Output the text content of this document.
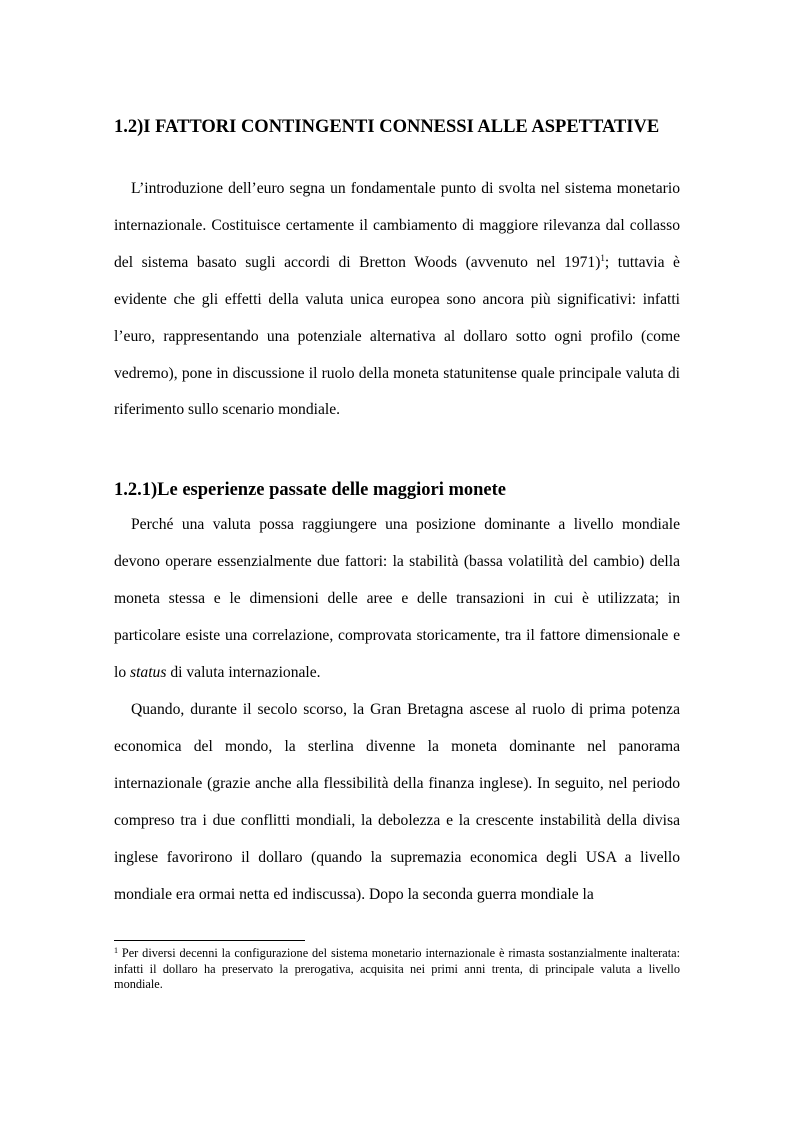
1.2)I FATTORI CONTINGENTI CONNESSI ALLE ASPETTATIVE

L’introduzione dell’euro segna un fondamentale punto di svolta nel sistema monetario internazionale. Costituisce certamente il cambiamento di maggiore rilevanza dal collasso del sistema basato sugli accordi di Bretton Woods (avvenuto nel 1971)$^1$; tuttavia è evidente che gli effetti della valuta unica europea sono ancora più significativi: infatti l’euro, rappresentando una potenziale alternativa al dollaro sotto ogni profilo (come vedremo), pone in discussione il ruolo della moneta statunitense quale principale valuta di riferimento sullo scenario mondiale.

1.2.1)Le esperienze passate delle maggiori monete

Perché una valuta possa raggiungere una posizione dominante a livello mondiale devono operare essenzialmente due fattori: la stabilità (bassa volatilità del cambio) della moneta stessa e le dimensioni delle aree e delle transazioni in cui è utilizzata; in particolare esiste una correlazione, comprovata storicamente, tra il fattore dimensionale e lo status di valuta internazionale.

Quando, durante il secolo scorso, la Gran Bretagna ascese al ruolo di prima potenza economica del mondo, la sterlina divenne la moneta dominante nel panorama internazionale (grazie anche alla flessibilità della finanza inglese). In seguito, nel periodo compreso tra i due conflitti mondiali, la debolezza e la crescente instabilità della divisa inglese favorirono il dollaro (quando la supremazia economica degli USA a livello mondiale era ormai netta ed indiscussa). Dopo la seconda guerra mondiale la

$^1$ Per diversi decenni la configurazione del sistema monetario internazionale è rimasta sostanzialmente inalterata: infatti il dollaro ha preservato la prerogativa, acquisita nei primi anni trenta, di principale valuta a livello mondiale.
